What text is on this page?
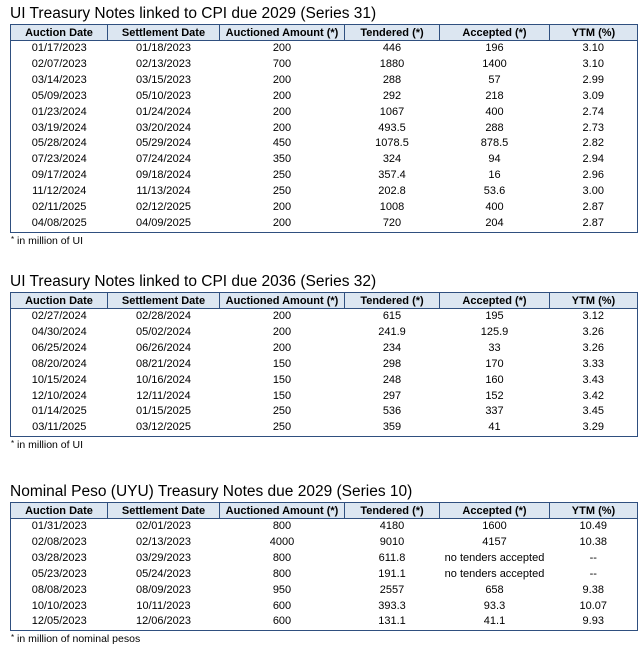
UI Treasury Notes linked to CPI due 2029 (Series 31)
Auction Date	Settlement Date	Auctioned Amount (*)	Tendered (*)	Accepted (*)	YTM (%)
01/17/2023	01/18/2023	200	446	196	3.10
02/07/2023	02/13/2023	700	1880	1400	3.10
03/14/2023	03/15/2023	200	288	57	2.99
05/09/2023	05/10/2023	200	292	218	3.09
01/23/2024	01/24/2024	200	1067	400	2.74
03/19/2024	03/20/2024	200	493.5	288	2.73
05/28/2024	05/29/2024	450	1078.5	878.5	2.82
07/23/2024	07/24/2024	350	324	94	2.94
09/17/2024	09/18/2024	250	357.4	16	2.96
11/12/2024	11/13/2024	250	202.8	53.6	3.00
02/11/2025	02/12/2025	200	1008	400	2.87
04/08/2025	04/09/2025	200	720	204	2.87
* in million of UI
UI Treasury Notes linked to CPI due 2036 (Series 32)
Auction Date	Settlement Date	Auctioned Amount (*)	Tendered (*)	Accepted (*)	YTM (%)
02/27/2024	02/28/2024	200	615	195	3.12
04/30/2024	05/02/2024	200	241.9	125.9	3.26
06/25/2024	06/26/2024	200	234	33	3.26
08/20/2024	08/21/2024	150	298	170	3.33
10/15/2024	10/16/2024	150	248	160	3.43
12/10/2024	12/11/2024	150	297	152	3.42
01/14/2025	01/15/2025	250	536	337	3.45
03/11/2025	03/12/2025	250	359	41	3.29
* in million of UI
Nominal Peso (UYU) Treasury Notes due 2029 (Series 10)
Auction Date	Settlement Date	Auctioned Amount (*)	Tendered (*)	Accepted (*)	YTM (%)
01/31/2023	02/01/2023	800	4180	1600	10.49
02/08/2023	02/13/2023	4000	9010	4157	10.38
03/28/2023	03/29/2023	800	611.8	no tenders accepted	--
05/23/2023	05/24/2023	800	191.1	no tenders accepted	--
08/08/2023	08/09/2023	950	2557	658	9.38
10/10/2023	10/11/2023	600	393.3	93.3	10.07
12/05/2023	12/06/2023	600	131.1	41.1	9.93
* in million of nominal pesos
